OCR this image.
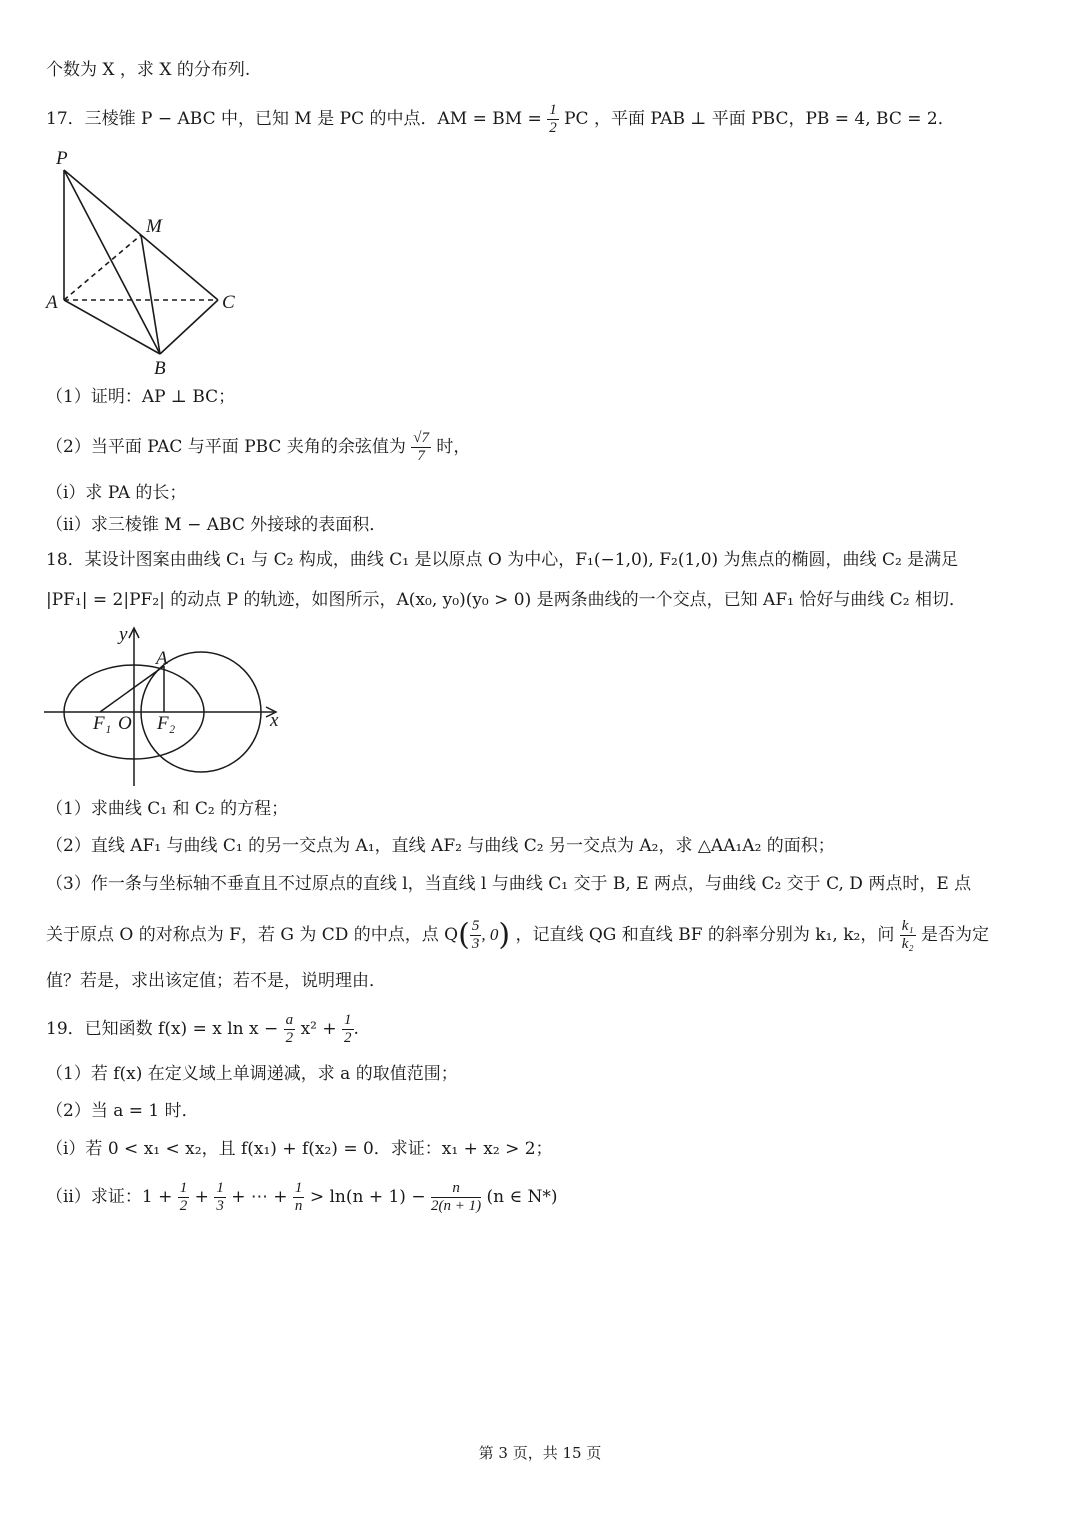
个数为 X ，求 X 的分布列.
17．三棱锥 P − ABC 中，已知 M 是 PC 的中点．AM = BM = $\frac{1}{2}$ PC ，平面 PAB ⊥ 平面 PBC，PB = 4, BC = 2．
P
M
A	C
B
（1）证明：AP ⊥ BC；
（2）当平面 PAC 与平面 PBC 夹角的余弦值为 $\frac{√7}{7}$ 时，
（i）求 PA 的长；
（ii）求三棱锥 M − ABC 外接球的表面积．
18．某设计图案由曲线 C₁ 与 C₂ 构成，曲线 C₁ 是以原点 O 为中心，F₁(−1,0), F₂(1,0) 为焦点的椭圆，曲线 C₂ 是满足
|PF₁| = 2|PF₂| 的动点 P 的轨迹，如图所示，A(x₀, y₀)(y₀ > 0) 是两条曲线的一个交点，已知 AF₁ 恰好与曲线 C₂ 相切．
y
x
A
F₁ O F₂
（1）求曲线 C₁ 和 C₂ 的方程；
（2）直线 AF₁ 与曲线 C₁ 的另一交点为 A₁，直线 AF₂ 与曲线 C₂ 另一交点为 A₂，求 △AA₁A₂ 的面积；
（3）作一条与坐标轴不垂直且不过原点的直线 l，当直线 l 与曲线 C₁ 交于 B, E 两点，与曲线 C₂ 交于 C, D 两点时，E 点
关于原点 O 的对称点为 F，若 G 为 CD 的中点，点 $Q( \frac{5}{3}$ , 0) ，记直线 QG 和直线 BF 的斜率分别为 k₁, k₂，问 $\frac{\text{k₁}}{\text{k₂}}$ 是否为定
值？若是，求出该定值；若不是，说明理由．
19．已知函数 f(x) = x $\ln x - \frac{a}{2} x^2 + \frac{1}{2}$ .
（1）若 f(x) 在定义域上单调递减，求 a 的取值范围；
（2）当 a = 1 时．
（i）若 0 < x₁ < x₂，且 f(x₁) + f(x₂) = 0．求证：x₁ + x₂ > 2；
（ii）求证：$1 + \frac{1}{2} + \frac{1}{3}$ + ⋯ + $\frac{1}{n} > \ln(n + 1) - \frac{n}{2(n + 1)} (n$ ∈ N*)
第 3 页，共 15 页
